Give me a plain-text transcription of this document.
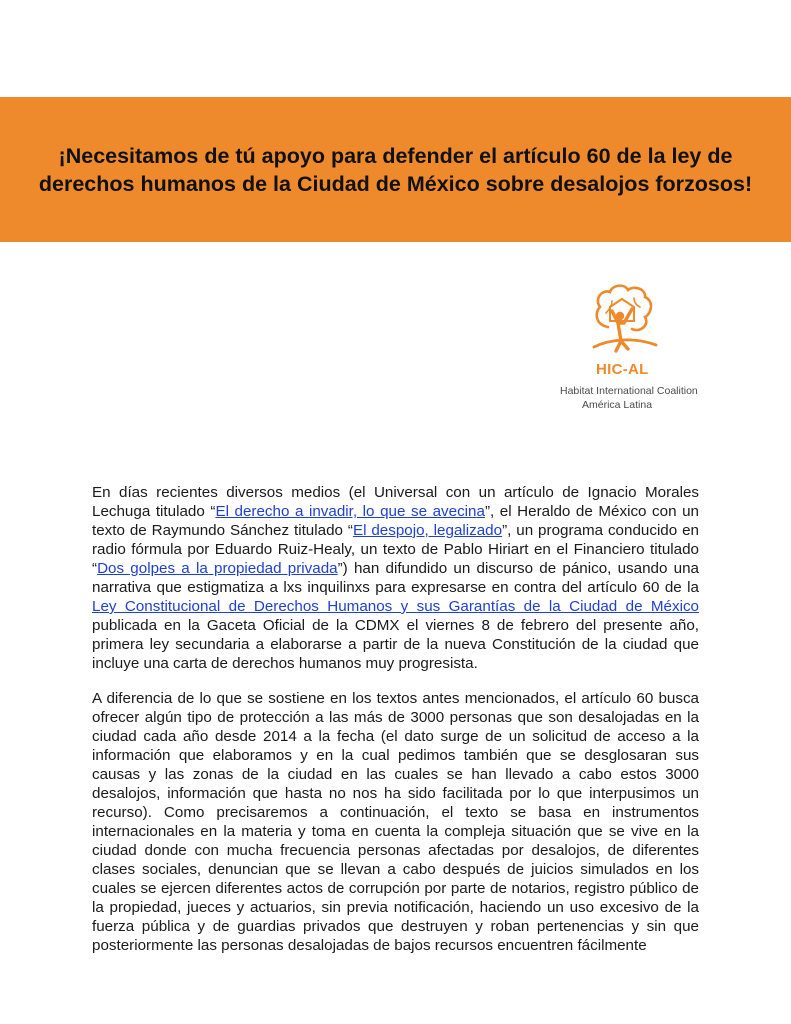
¡Necesitamos de tú apoyo para defender el artículo 60 de la ley de derechos humanos de la Ciudad de México sobre desalojos forzosos!
HIC-AL
Habitat International Coalition
América Latina

En días recientes diversos medios (el Universal con un artículo de Ignacio Morales Lechuga titulado “El derecho a invadir, lo que se avecina”, el Heraldo de México con un texto de Raymundo Sánchez titulado “El despojo, legalizado”, un programa conducido en radio fórmula por Eduardo Ruiz-Healy, un texto de Pablo Hiriart en el Financiero titulado “Dos golpes a la propiedad privada”) han difundido un discurso de pánico, usando una narrativa que estigmatiza a lxs inquilinxs para expresarse en contra del artículo 60 de la Ley Constitucional de Derechos Humanos y sus Garantías de la Ciudad de México publicada en la Gaceta Oficial de la CDMX el viernes 8 de febrero del presente año, primera ley secundaria a elaborarse a partir de la nueva Constitución de la ciudad que incluye una carta de derechos humanos muy progresista.

A diferencia de lo que se sostiene en los textos antes mencionados, el artículo 60 busca ofrecer algún tipo de protección a las más de 3000 personas que son desalojadas en la ciudad cada año desde 2014 a la fecha (el dato surge de un solicitud de acceso a la información que elaboramos y en la cual pedimos también que se desglosaran sus causas y las zonas de la ciudad en las cuales se han llevado a cabo estos 3000 desalojos, información que hasta no nos ha sido facilitada por lo que interpusimos un recurso). Como precisaremos a continuación, el texto se basa en instrumentos internacionales en la materia y toma en cuenta la compleja situación que se vive en la ciudad donde con mucha frecuencia personas afectadas por desalojos, de diferentes clases sociales, denuncian que se llevan a cabo después de juicios simulados en los cuales se ejercen diferentes actos de corrupción por parte de notarios, registro público de la propiedad, jueces y actuarios, sin previa notificación, haciendo un uso excesivo de la fuerza pública y de guardias privados que destruyen y roban pertenencias y sin que posteriormente las personas desalojadas de bajos recursos encuentren fácilmente
